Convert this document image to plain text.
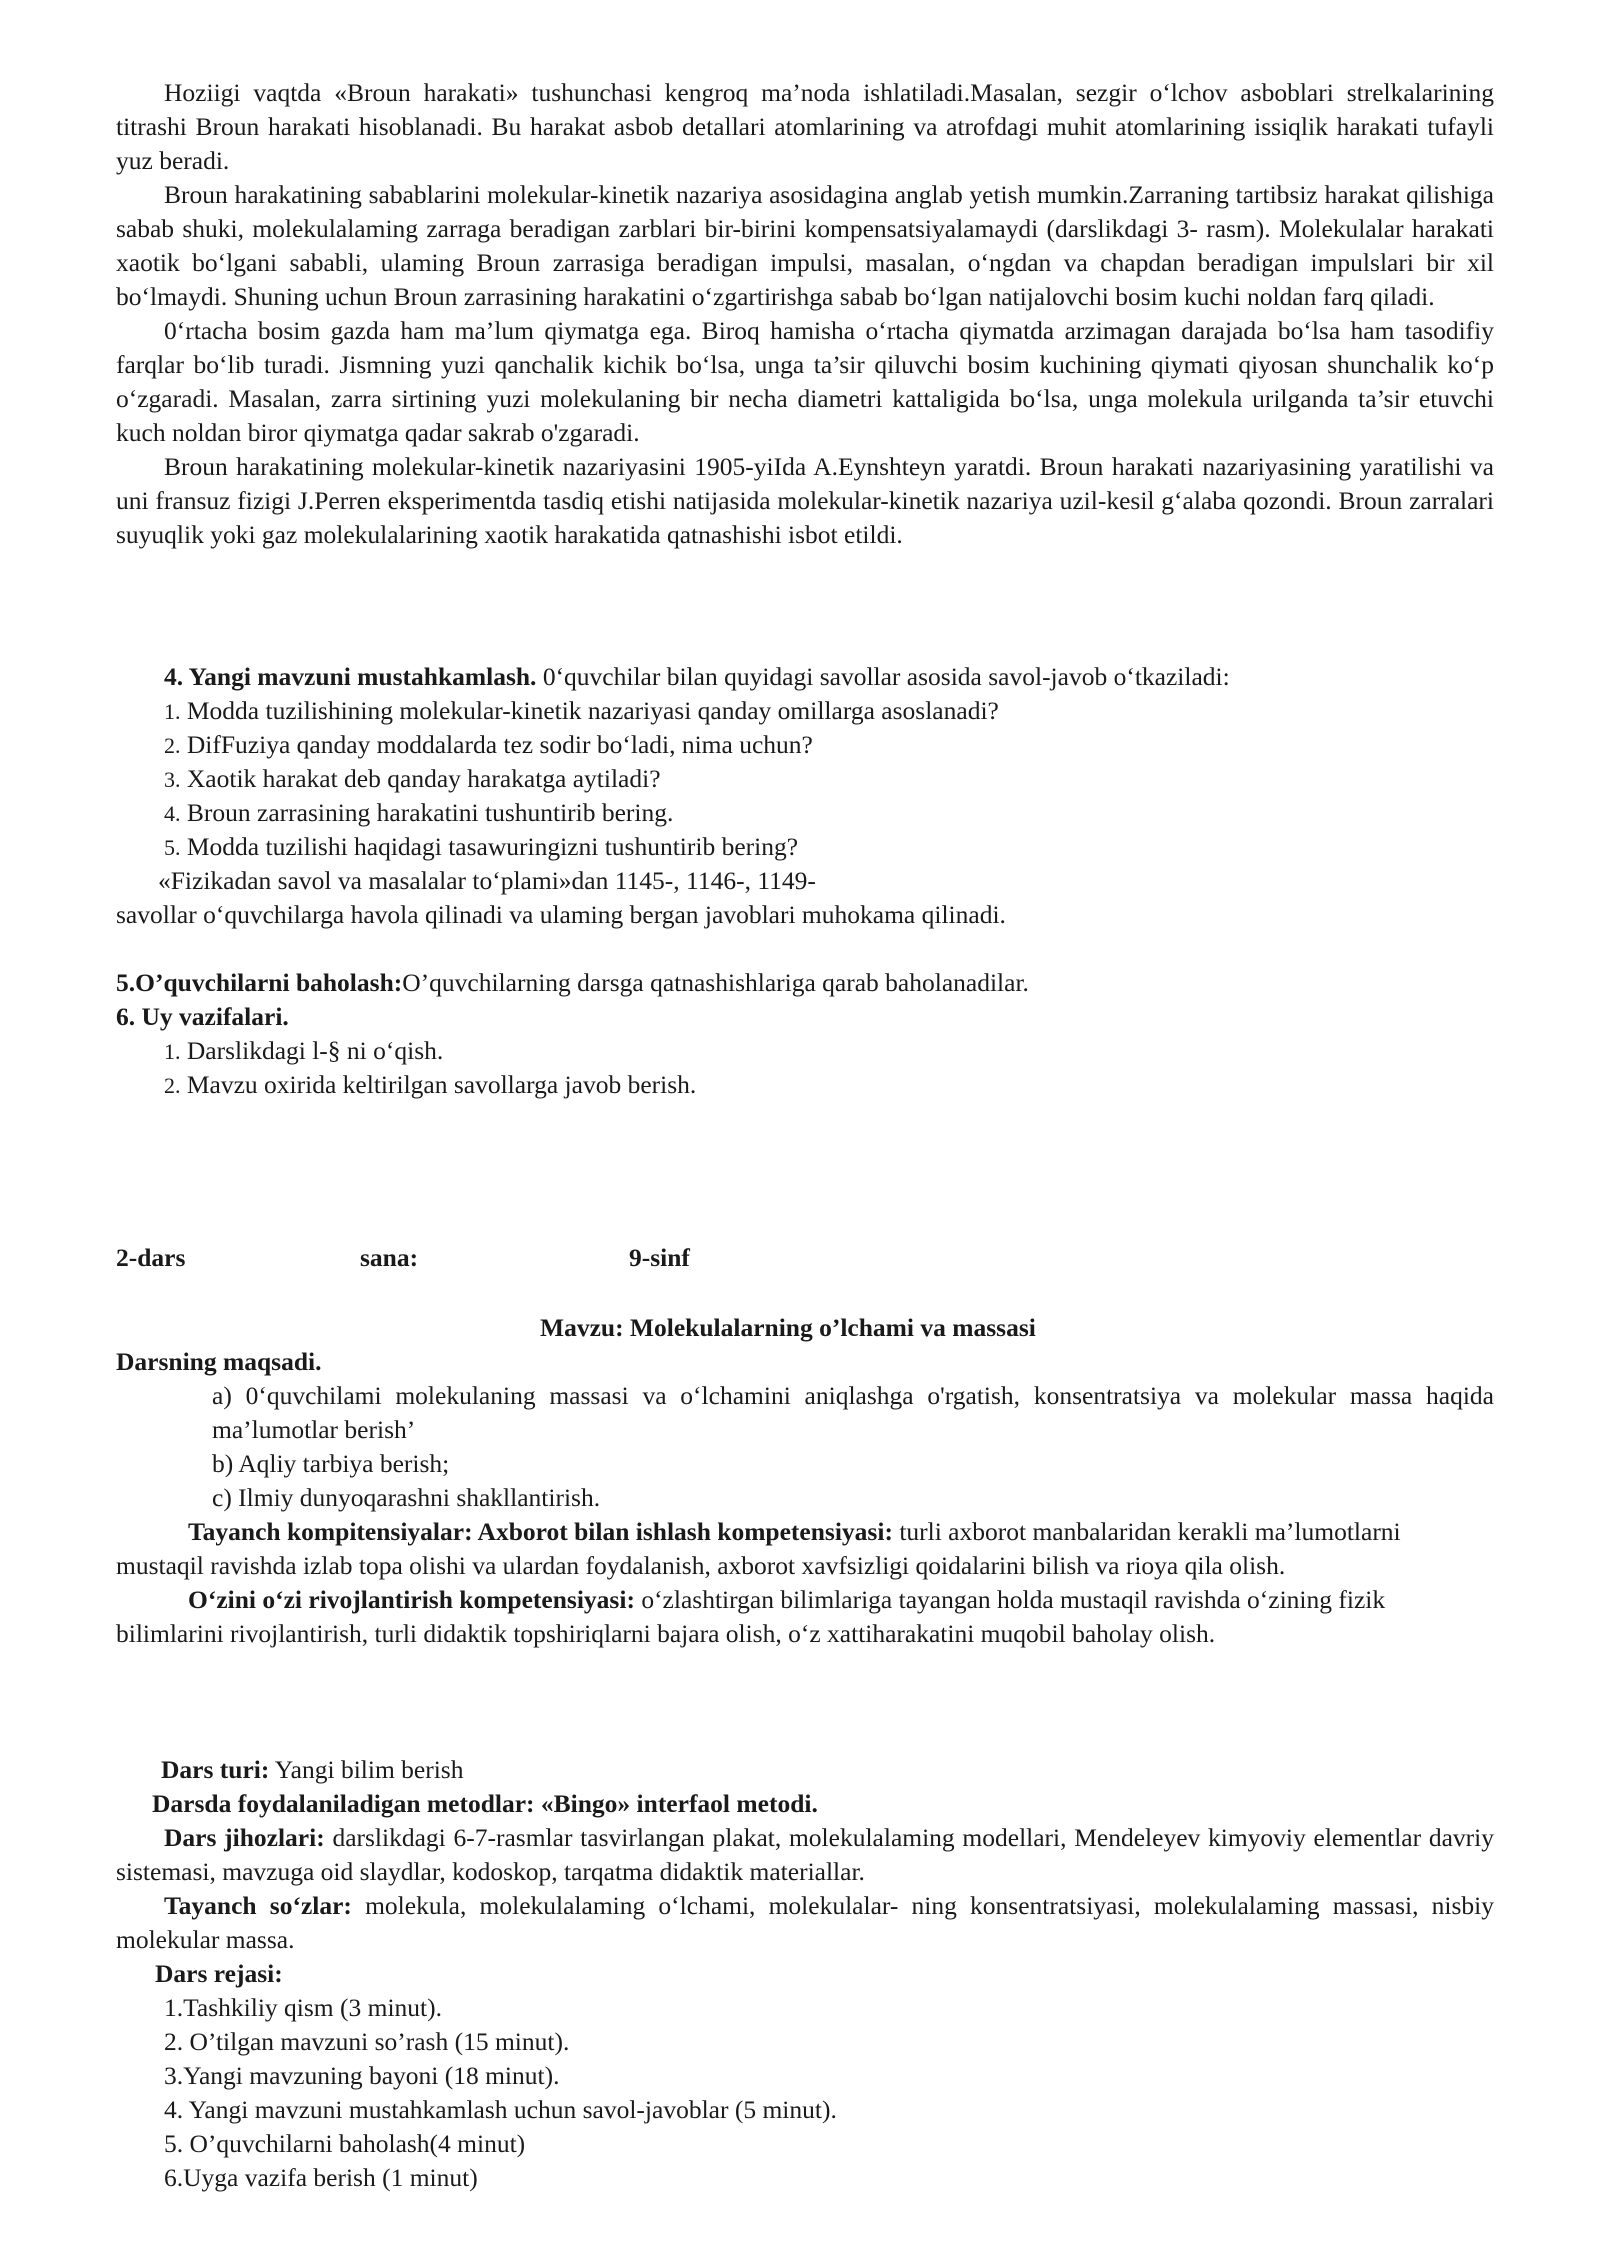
Hoziigi vaqtda «Broun harakati» tushunchasi kengroq ma’noda ishlatiladi.Masalan, sezgir o‘lchov asboblari strelkalarining titrashi Broun harakati hisoblanadi. Bu harakat asbob detallari atomlarining va atrofdagi muhit atomlarining issiqlik harakati tufayli yuz beradi.

Broun harakatining sabablarini molekular-kinetik nazariya asosidagina anglab yetish mumkin.Zarraning tartibsiz harakat qilishiga sabab shuki, molekulalaming zarraga beradigan zarblari bir-birini kompensatsiyalamaydi (darslikdagi 3- rasm). Molekulalar harakati xaotik boʻlgani sababli, ulaming Broun zarrasiga beradigan impulsi, masalan, o‘ngdan va chapdan beradigan impulslari bir xil bo‘lmaydi. Shuning uchun Broun zarrasining harakatini o‘zgartirishga sabab bo‘lgan natijalovchi bosim kuchi noldan farq qiladi.

0‘rtacha bosim gazda ham ma’lum qiymatga ega. Biroq hamisha o‘rtacha qiymatda arzimagan darajada bo‘lsa ham tasodifiy farqlar bo‘lib turadi. Jismning yuzi qanchalik kichik bo‘lsa, unga ta’sir qiluvchi bosim kuchining qiymati qiyosan shunchalik ko‘p o‘zgaradi. Masalan, zarra sirtining yuzi molekulaning bir necha diametri kattaligida bo‘lsa, unga molekula urilganda ta’sir etuvchi kuch noldan biror qiymatga qadar sakrab o'zgaradi.

Broun harakatining molekular-kinetik nazariyasini 1905-yiIda A.Eynshteyn yaratdi. Broun harakati nazariyasining yaratilishi va uni fransuz fizigi J.Perren eksperimentda tasdiq etishi natijasida molekular-kinetik nazariya uzil-kesil g‘alaba qozondi. Broun zarralari suyuqlik yoki gaz molekulalarining xaotik harakatida qatnashishi isbot etildi.

4. Yangi mavzuni mustahkamlash. 0‘quvchilar bilan quyidagi savollar asosida savol-javob o‘tkaziladi:
1. Modda tuzilishining molekular-kinetik nazariyasi qanday omillarga asoslanadi?
2. DifFuziya qanday moddalarda tez sodir bo‘ladi, nima uchun?
3. Xaotik harakat deb qanday harakatga aytiladi?
4. Broun zarrasining harakatini tushuntirib bering.
5. Modda tuzilishi haqidagi tasawuringizni tushuntirib bering?
«Fizikadan savol va masalalar to‘plami»dan 1145-, 1146-, 1149-
savollar o‘quvchilarga havola qilinadi va ulaming bergan javoblari muhokama qilinadi.
5.O’quvchilarni baholash:O’quvchilarning darsga qatnashishlariga qarab baholanadilar.
6. Uy vazifalari.
1. Darslikdagi l-§ ni o‘qish.
2. Mavzu oxirida keltirilgan savollarga javob berish.
2-dars	sana:	9-sinf
Mavzu: Molekulalarning o’lchami va massasi
Darsning maqsadi.

a) 0‘quvchilami molekulaning massasi va o‘lchamini aniqlashga o'rgatish, konsentratsiya va molekular massa haqida ma’lumotlar berish’

b) Aqliy tarbiya berish;

c) Ilmiy dunyoqarashni shakllantirish.

Tayanch kompitensiyalar: Axborot bilan ishlash kompetensiyasi: turli axborot manbalaridan kerakli ma’lumotlarni mustaqil ravishda izlab topa olishi va ulardan foydalanish, axborot xavfsizligi qoidalarini bilish va rioya qila olish.

O‘zini o‘zi rivojlantirish kompetensiyasi: o‘zlashtirgan bilimlariga tayangan holda mustaqil ravishda o‘zining fizik bilimlarini rivojlantirish, turli didaktik topshiriqlarni bajara olish, o‘z xattiharakatini muqobil baholay olish.

Dars turi: Yangi bilim berish
Darsda foydalaniladigan metodlar: «Bingo» interfaol metodi.

Dars jihozlari: darslikdagi 6-7-rasmlar tasvirlangan plakat, molekulalaming modellari, Mendeleyev kimyoviy elementlar davriy sistemasi, mavzuga oid slaydlar, kodoskop, tarqatma didaktik materiallar.

Tayanch so‘zlar: molekula, molekulalaming o‘lchami, molekulalar- ning konsentratsiyasi, molekulalaming massasi, nisbiy molekular massa.

Dars rejasi:
1.Tashkiliy qism (3 minut).
2. O’tilgan mavzuni so’rash (15 minut).
3.Yangi mavzuning bayoni (18 minut).
4. Yangi mavzuni mustahkamlash uchun savol-javoblar (5 minut).
5. O’quvchilarni baholash(4 minut)
6.Uyga vazifa berish (1 minut)
